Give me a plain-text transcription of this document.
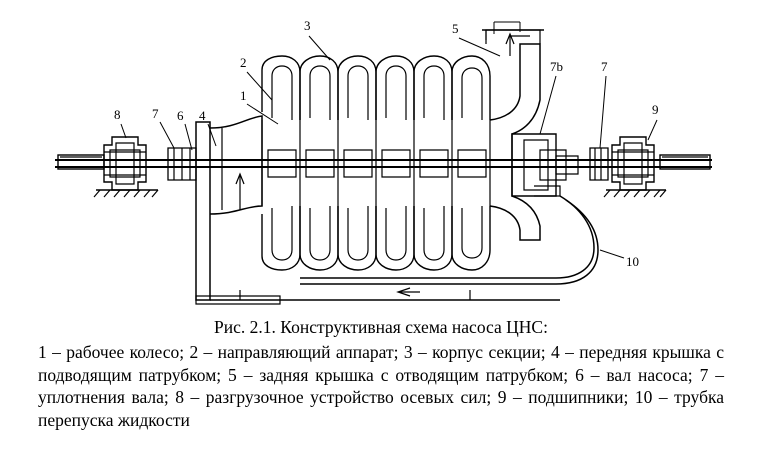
1
2
3
4
5
6
7
7
7b
8	9
10
Рис. 2.1. Конструктивная схема насоса ЦНС:
1 – рабочее колесо; 2 – направляющий аппарат; 3 – корпус секции; 4 – передняя крышка с подводящим патрубком; 5 – задняя крышка с отводящим патрубком; 6 – вал насоса; 7 – уплотнения вала; 8 – разгрузочное устройство осевых сил; 9 – подшипники; 10 – трубка перепуска жидкости
